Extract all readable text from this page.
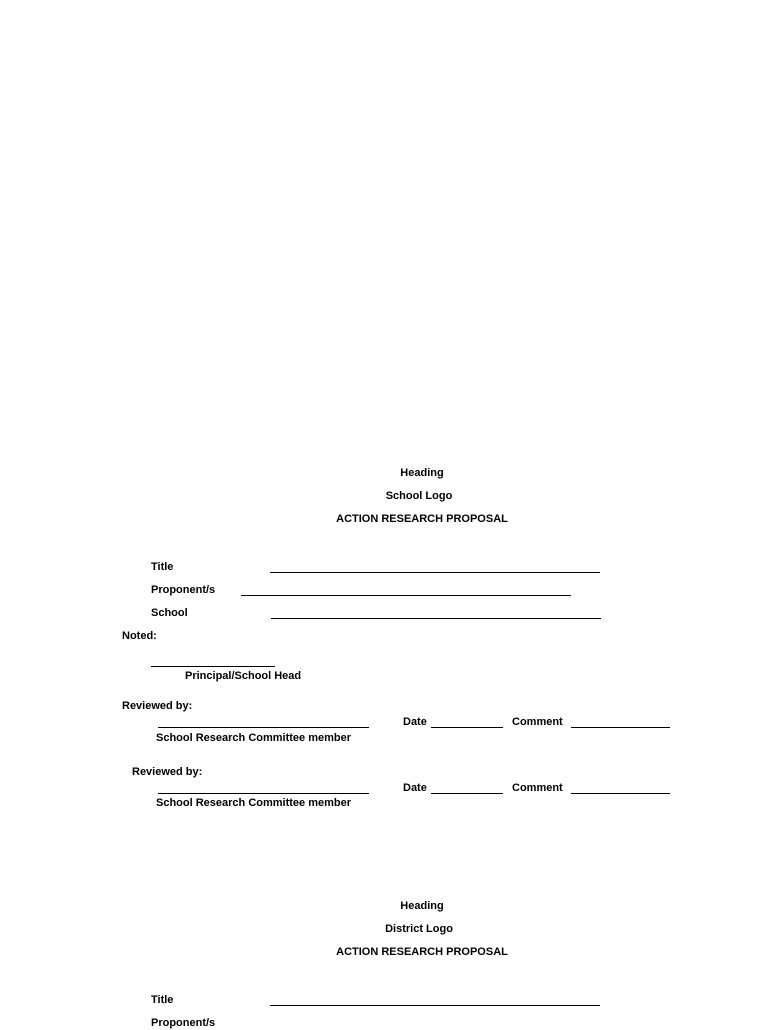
Heading
School Logo
ACTION RESEARCH PROPOSAL
Title
Proponent/s
School
Noted:
Principal/School Head
Reviewed by:
Date	Comment
School Research Committee member
Reviewed by:
Date	Comment
School Research Committee member
Heading
District Logo
ACTION RESEARCH PROPOSAL
Title
Proponent/s
